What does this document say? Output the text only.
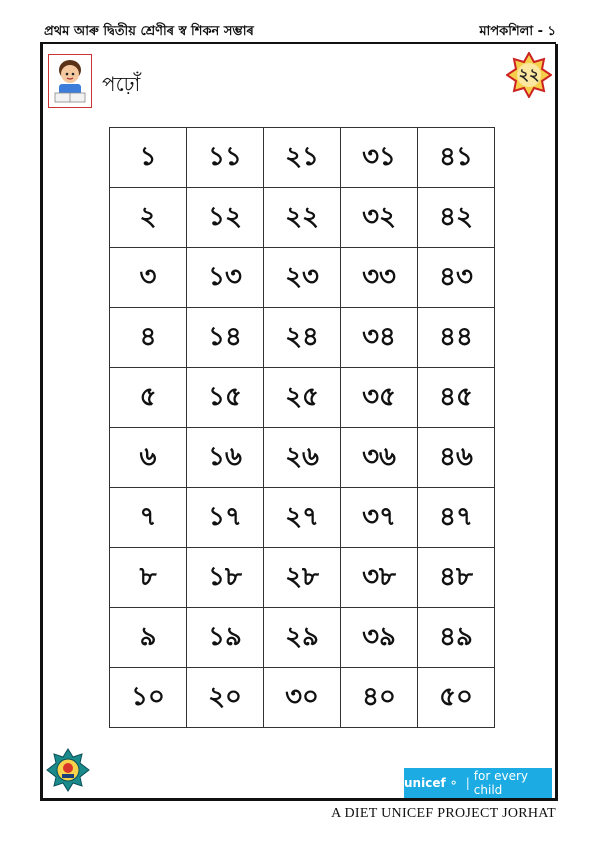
প্ৰথম আৰু দ্বিতীয় শ্ৰেণীৰ স্ব শিকন সম্ভাৰ	মাপকশিলা - ১
পঢ়োঁ	২২
১	১১	২১	৩১	৪১
২	১২	২২	৩২	৪২
৩	১৩	২৩	৩৩	৪৩
৪	১৪	২৪	৩৪	৪৪
৫	১৫	২৫	৩৫	৪৫
৬	১৬	২৬	৩৬	৪৬
৭	১৭	২৭	৩৭	৪৭
৮	১৮	২৮	৩৮	৪৮
৯	১৯	২৯	৩৯	৪৯
১০	২০	৩০	৪০	৫০
unicef ⚬ | for every child
A DIET UNICEF PROJECT JORHAT
